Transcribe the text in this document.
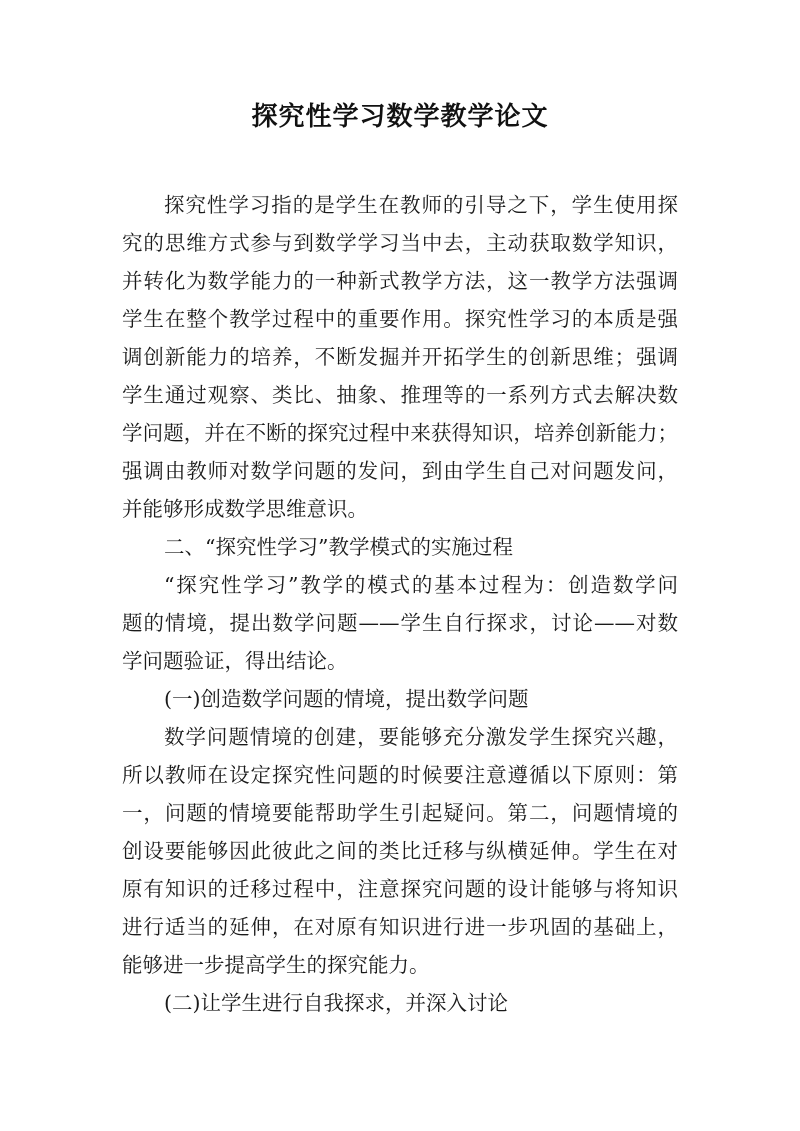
探究性学习数学教学论文
探究性学习指的是学生在教师的引导之下，学生使用探
究的思维方式参与到数学学习当中去，主动获取数学知识，
并转化为数学能力的一种新式教学方法，这一教学方法强调
学生在整个教学过程中的重要作用。探究性学习的本质是强
调创新能力的培养，不断发掘并开拓学生的创新思维；强调
学生通过观察、类比、抽象、推理等的一系列方式去解决数
学问题，并在不断的探究过程中来获得知识，培养创新能力；
强调由教师对数学问题的发问，到由学生自己对问题发问，
并能够形成数学思维意识。
二、“探究性学习”教学模式的实施过程
“探究性学习”教学的模式的基本过程为：创造数学问
题的情境，提出数学问题——学生自行探求，讨论——对数
学问题验证，得出结论。
(一)创造数学问题的情境，提出数学问题
数学问题情境的创建，要能够充分激发学生探究兴趣，
所以教师在设定探究性问题的时候要注意遵循以下原则：第
一，问题的情境要能帮助学生引起疑问。第二，问题情境的
创设要能够因此彼此之间的类比迁移与纵横延伸。学生在对
原有知识的迁移过程中，注意探究问题的设计能够与将知识
进行适当的延伸，在对原有知识进行进一步巩固的基础上，
能够进一步提高学生的探究能力。
(二)让学生进行自我探求，并深入讨论
